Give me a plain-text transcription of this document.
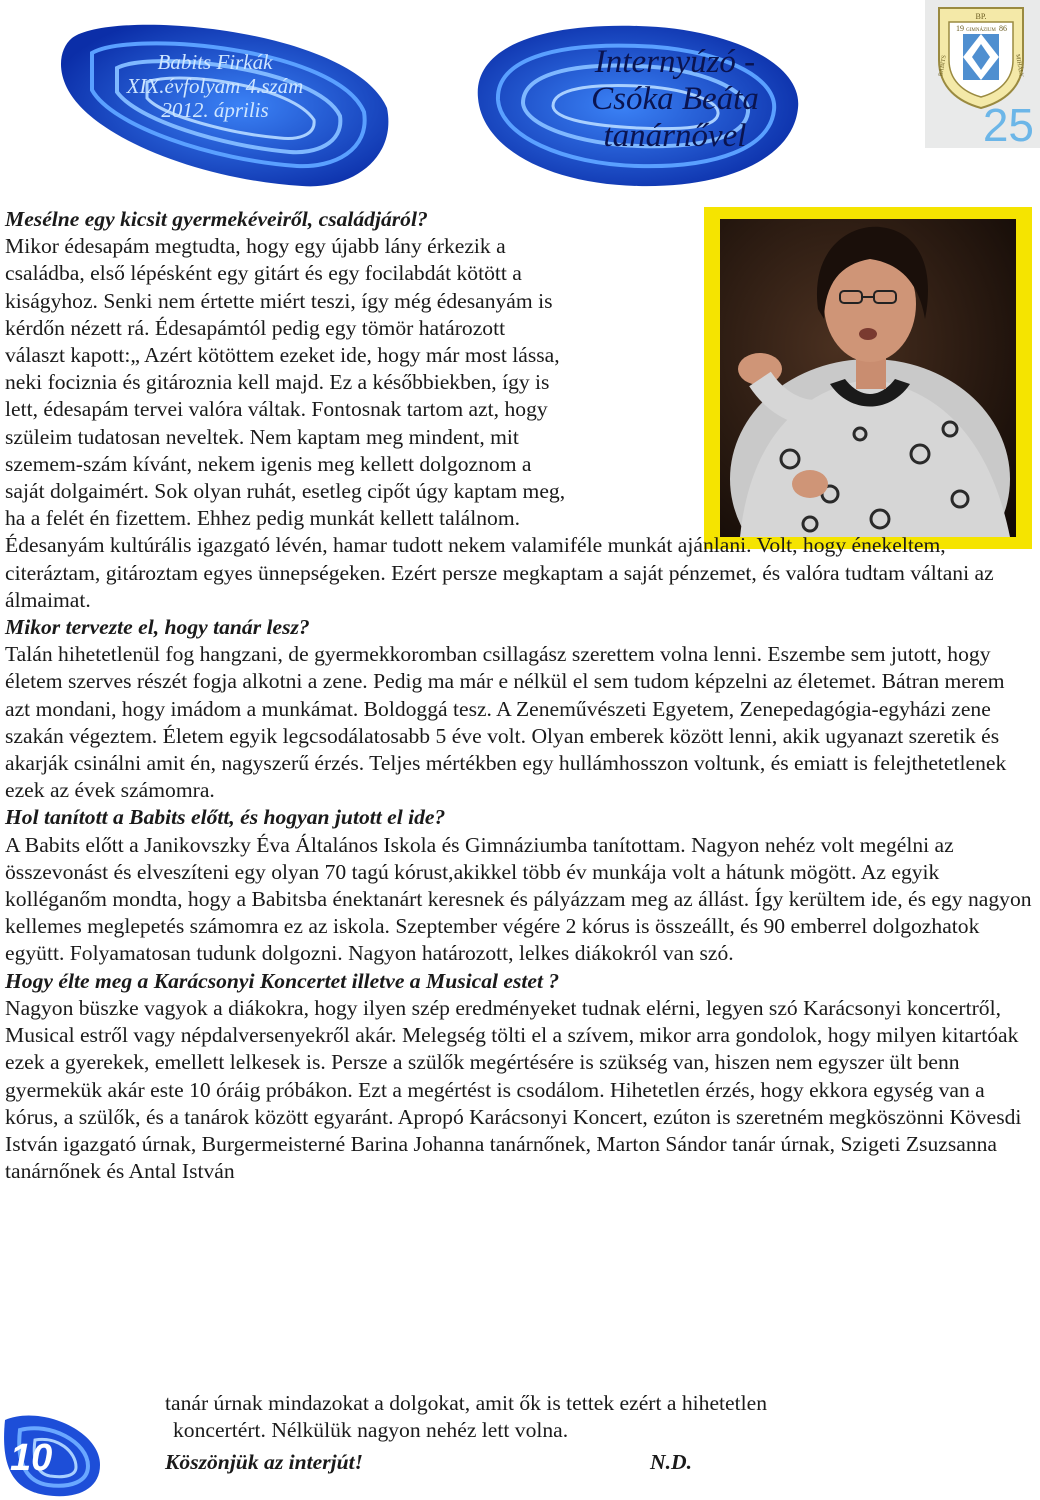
Babits Firkák
XIX.évfolyam 4.szám
2012. április
Internyúzó -
Csóka Beáta
tanárnővel
BP.
19	86
GIMNÁZIUM
BABITS	MIHÁLY
25

Mesélne egy kicsit gyermekéveiről, családjáról?

Mikor édesapám megtudta, hogy egy újabb lány érkezik a
családba, első lépésként egy gitárt és egy focilabdát kötött a
kiságyhoz. Senki nem értette miért teszi, így még édesanyám is
kérdőn nézett rá. Édesapámtól pedig egy tömör határozott
választ kapott:„ Azért kötöttem ezeket ide, hogy már most lássa,
neki fociznia és gitároznia kell majd. Ez a későbbiekben, így is
lett, édesapám tervei valóra váltak. Fontosnak tartom azt, hogy
szüleim tudatosan neveltek. Nem kaptam meg mindent, mit
szemem-szám kívánt, nekem igenis meg kellett dolgoznom a
saját dolgaimért. Sok olyan ruhát, esetleg cipőt úgy kaptam meg,
ha a felét én fizettem. Ehhez pedig munkát kellett találnom.

Édesanyám kultúrális igazgató lévén, hamar tudott nekem valamiféle munkát ajánlani. Volt, hogy énekeltem, citeráztam, gitároztam egyes ünnepségeken. Ezért persze megkaptam a saját pénzemet, és valóra tudtam váltani az álmaimat.

Mikor tervezte el, hogy tanár lesz?

Talán hihetetlenül fog hangzani, de gyermekkoromban csillagász szerettem volna lenni. Eszembe sem jutott, hogy életem szerves részét fogja alkotni a zene. Pedig ma már e nélkül el sem tudom képzelni az életemet. Bátran merem azt mondani, hogy imádom a munkámat. Boldoggá tesz. A Zeneművészeti Egyetem, Zenepedagógia-egyházi zene szakán végeztem. Életem egyik legcsodálatosabb 5 éve volt. Olyan emberek között lenni, akik ugyanazt szeretik és akarják csinálni amit én, nagyszerű érzés. Teljes mértékben egy hullámhosszon voltunk, és emiatt is felejthetetlenek ezek az évek számomra.

Hol tanított a Babits előtt, és hogyan jutott el ide?

A Babits előtt a Janikovszky Éva Általános Iskola és Gimnáziumba tanítottam. Nagyon nehéz volt megélni az összevonást és elveszíteni egy olyan 70 tagú kórust,akikkel több év munkája volt a hátunk mögött. Az egyik kolléganőm mondta, hogy a Babitsba énektanárt keresnek és pályázzam meg az állást. Így kerültem ide, és egy nagyon kellemes meglepetés számomra ez az iskola. Szeptember végére 2 kórus is összeállt, és 90 emberrel dolgozhatok együtt. Folyamatosan tudunk dolgozni. Nagyon határozott, lelkes diákokról van szó.

Hogy élte meg a Karácsonyi Koncertet illetve a Musical estet ?

Nagyon büszke vagyok a diákokra, hogy ilyen szép eredményeket tudnak elérni, legyen szó Karácsonyi koncertről, Musical estről vagy népdalversenyekről akár. Melegség tölti el a szívem, mikor arra gondolok, hogy milyen kitartóak ezek a gyerekek, emellett lelkesek is. Persze a szülők megértésére is szükség van, hiszen nem egyszer ült benn gyermekük akár este 10 óráig próbákon. Ezt a megértést is csodálom. Hihetetlen érzés, hogy ekkora egység van a kórus, a szülők, és a tanárok között egyaránt. Apropó Karácsonyi Koncert, ezúton is szeretném megköszönni Kövesdi István igazgató úrnak, Burgermeisterné Barina Johanna tanárnőnek, Marton Sándor tanár úrnak, Szigeti Zsuzsanna tanárnőnek és Antal István

tanár úrnak mindazokat a dolgokat, amit ők is tettek ezért a hihetetlen
koncertért. Nélkülük nagyon nehéz lett volna.
Köszönjük az interjút!	N.D.
10
